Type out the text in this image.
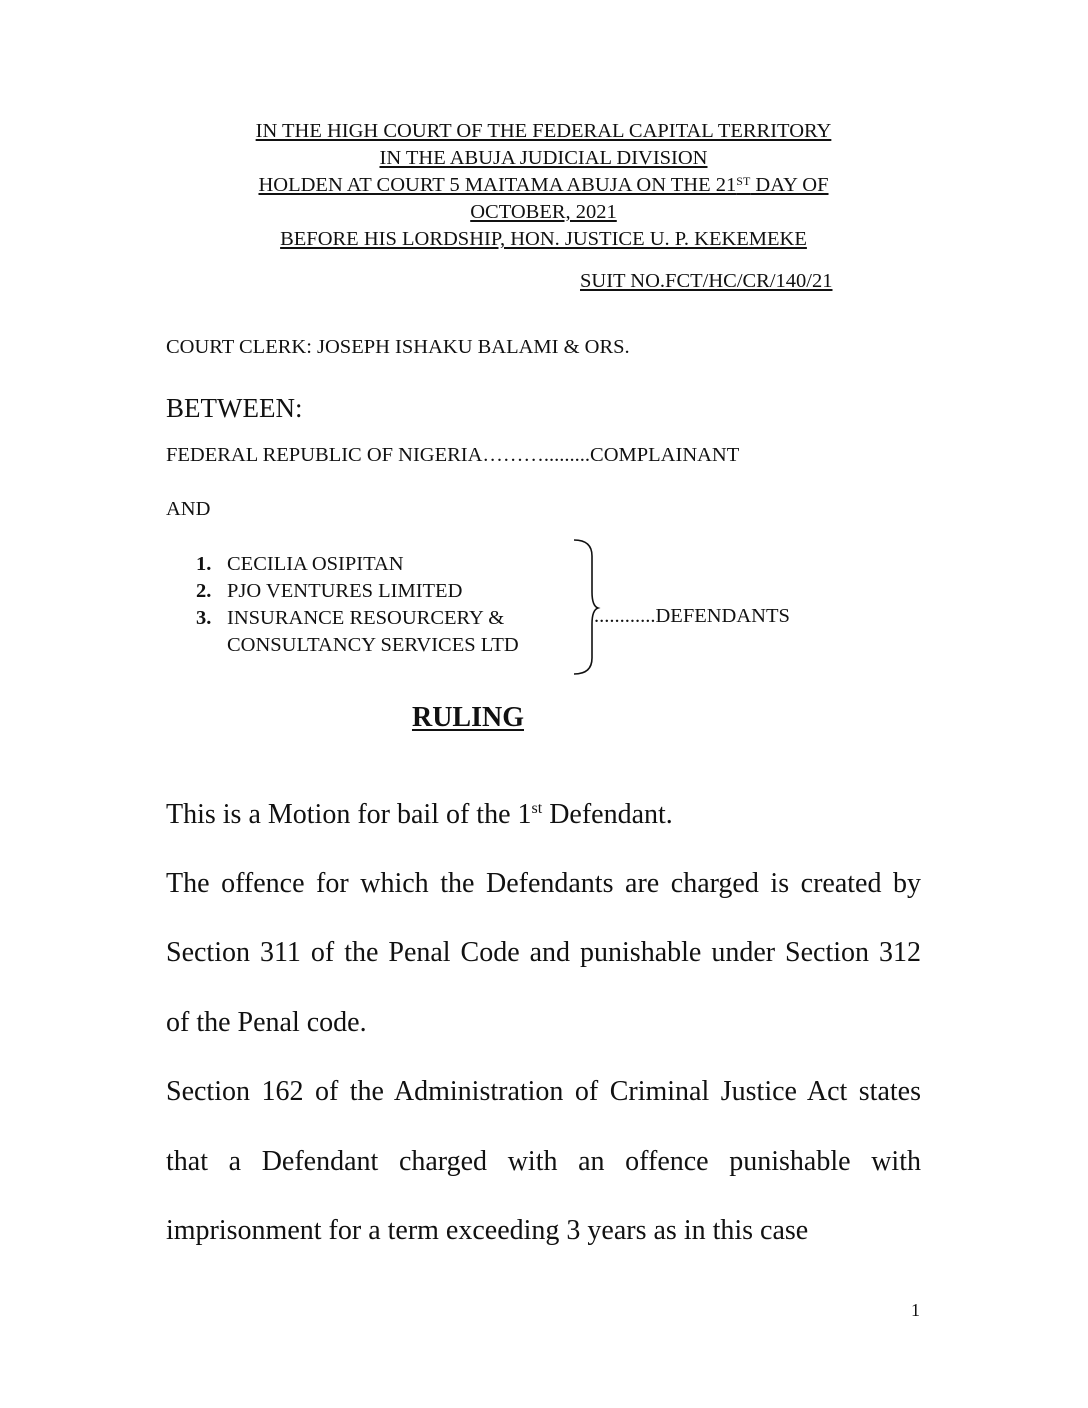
IN THE HIGH COURT OF THE FEDERAL CAPITAL TERRITORY
IN THE ABUJA JUDICIAL DIVISION
HOLDEN AT COURT 5 MAITAMA ABUJA ON THE 21ST DAY OF
OCTOBER, 2021
BEFORE HIS LORDSHIP, HON. JUSTICE U. P. KEKEMEKE
SUIT NO.FCT/HC/CR/140/21
COURT CLERK: JOSEPH ISHAKU BALAMI & ORS.
BETWEEN:
FEDERAL REPUBLIC OF NIGERIA……….........COMPLAINANT
AND
1. CECILIA OSIPITAN
2. PJO VENTURES LIMITED
3. INSURANCE RESOURCERY &
CONSULTANCY SERVICES LTD
............DEFENDANTS
RULING

This is a Motion for bail of the 1st Defendant.

The offence for which the Defendants are charged is created by Section 311 of the Penal Code and punishable under Section 312 of the Penal code.

Section 162 of the Administration of Criminal Justice Act states that a Defendant charged with an offence punishable with imprisonment for a term exceeding 3 years as in this case

1
